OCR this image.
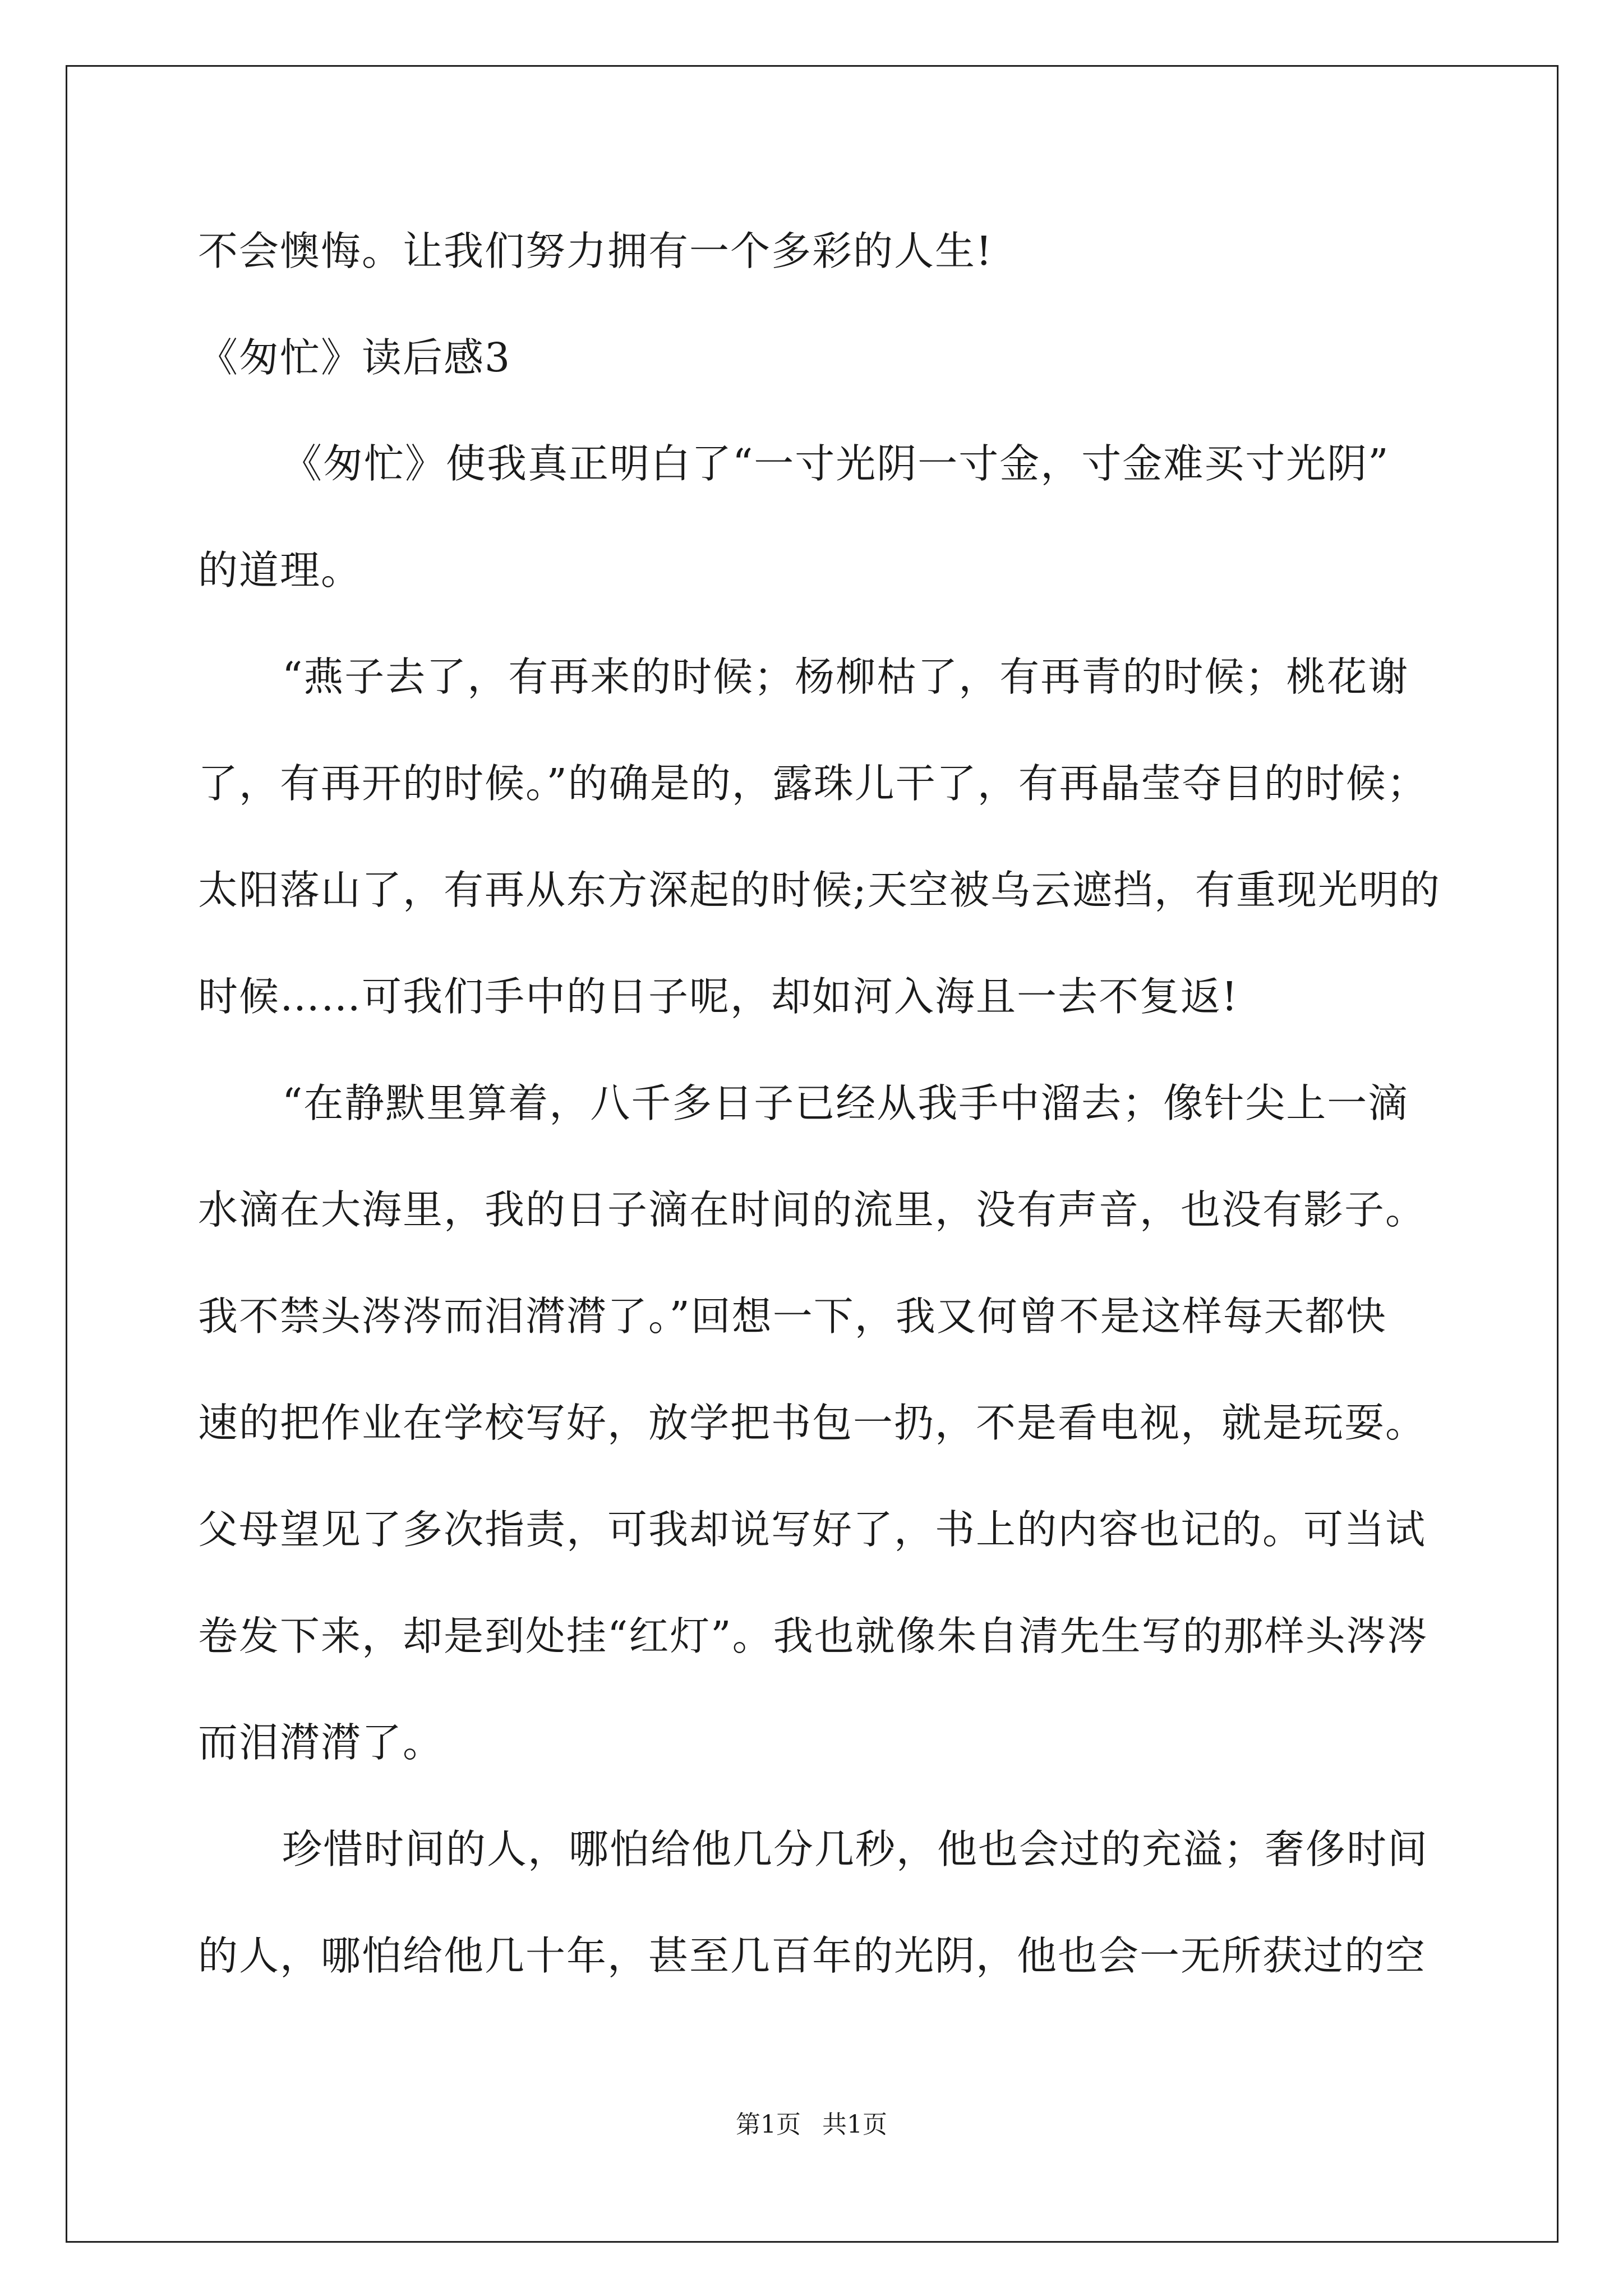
不会懊悔。让我们努力拥有一个多彩的人生!
《匆忙》读后感3
《匆忙》使我真正明白了“一寸光阴一寸金，寸金难买寸光阴”
的道理。
“燕子去了，有再来的时候；杨柳枯了，有再青的时候；桃花谢
了，有再开的时候。”的确是的，露珠儿干了，有再晶莹夺目的时候；
太阳落山了，有再从东方深起的时候;天空被乌云遮挡，有重现光明的
时候……可我们手中的日子呢，却如河入海且一去不复返!
“在静默里算着，八千多日子已经从我手中溜去；像针尖上一滴
水滴在大海里，我的日子滴在时间的流里，没有声音，也没有影子。
我不禁头涔涔而泪潸潸了。”回想一下，我又何曾不是这样每天都快
速的把作业在学校写好，放学把书包一扔，不是看电视，就是玩耍。
父母望见了多次指责，可我却说写好了，书上的内容也记的。可当试
卷发下来，却是到处挂“红灯”。我也就像朱自清先生写的那样头涔涔
而泪潸潸了。
珍惜时间的人，哪怕给他几分几秒，他也会过的充溢；奢侈时间
的人，哪怕给他几十年，甚至几百年的光阴，他也会一无所获过的空
第1页 共1页
